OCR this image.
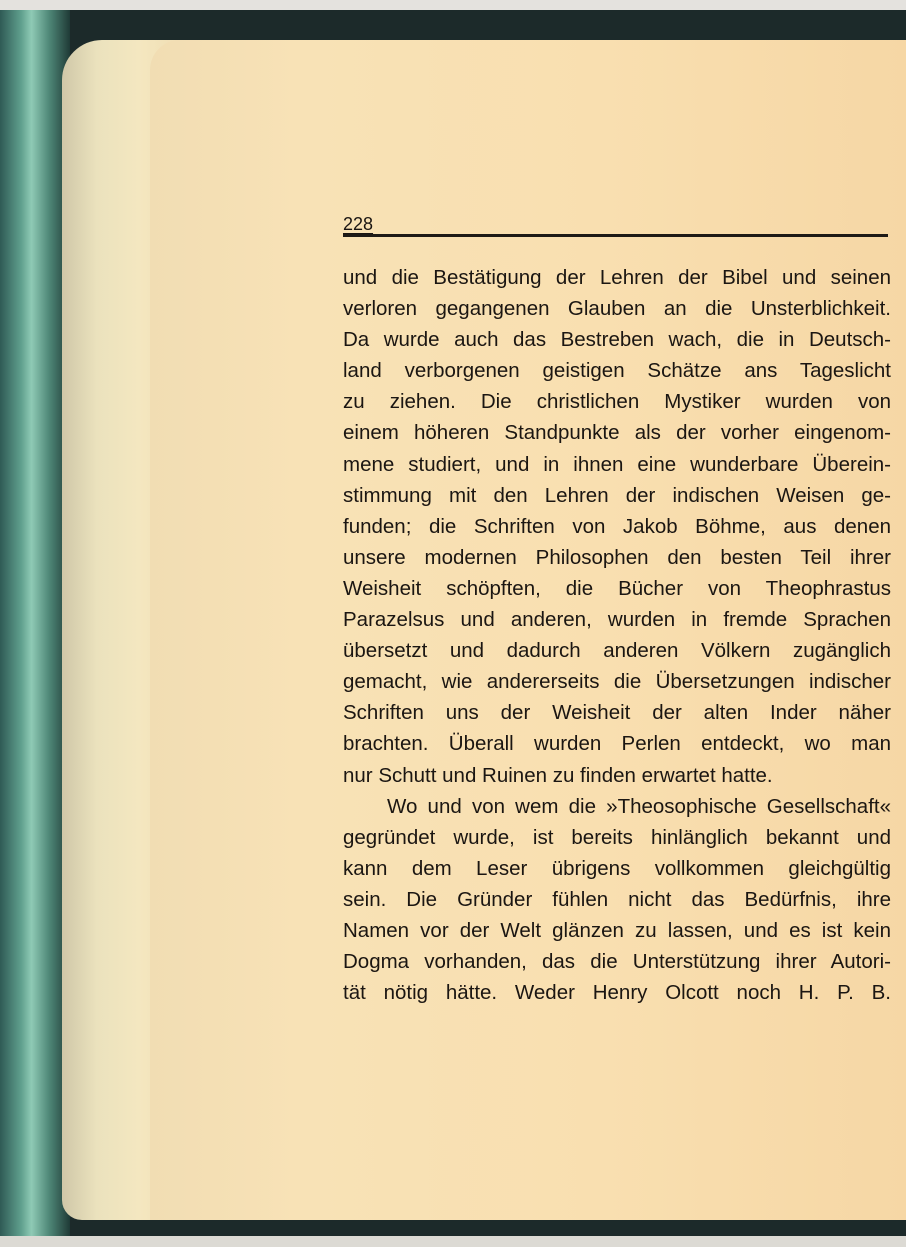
228
und die Bestätigung der Lehren der Bibel und seinen
verloren gegangenen Glauben an die Unsterblichkeit.
Da wurde auch das Bestreben wach, die in Deutsch-
land verborgenen geistigen Schätze ans Tageslicht
zu ziehen. Die christlichen Mystiker wurden von
einem höheren Standpunkte als der vorher eingenom-
mene studiert, und in ihnen eine wunderbare Überein-
stimmung mit den Lehren der indischen Weisen ge-
funden; die Schriften von Jakob Böhme, aus denen
unsere modernen Philosophen den besten Teil ihrer
Weisheit schöpften, die Bücher von Theophrastus
Parazelsus und anderen, wurden in fremde Sprachen
übersetzt und dadurch anderen Völkern zugänglich
gemacht, wie andererseits die Übersetzungen indischer
Schriften uns der Weisheit der alten Inder näher
brachten. Überall wurden Perlen entdeckt, wo man
nur Schutt und Ruinen zu finden erwartet hatte.
Wo und von wem die »Theosophische Gesellschaft«
gegründet wurde, ist bereits hinlänglich bekannt und
kann dem Leser übrigens vollkommen gleichgültig
sein. Die Gründer fühlen nicht das Bedürfnis, ihre
Namen vor der Welt glänzen zu lassen, und es ist kein
Dogma vorhanden, das die Unterstützung ihrer Autori-
tät nötig hätte. Weder Henry Olcott noch H. P. B.
